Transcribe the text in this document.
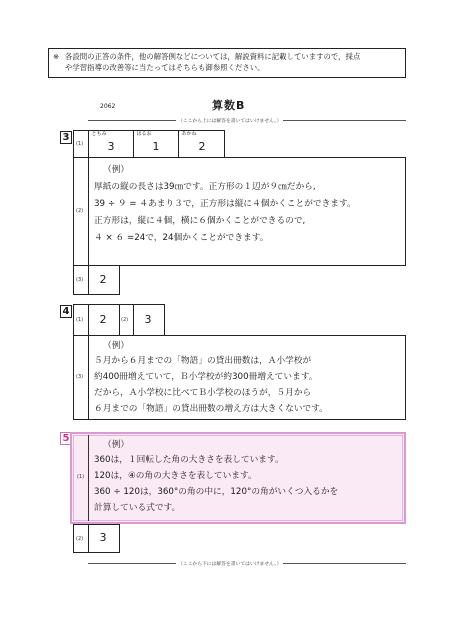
※ 各設問の正答の条件，他の解答例などについては，解説資料に記載していますので，採点
や学習指導の改善等に当たってはそちらも御参照ください。
2062	算数B
（ここから上には解答を書いてはいけません。）
3
(1)
ともみ	はるお	あかね
3	1	2
(2)
（例）
厚紙の縦の長さは39㎝です。正方形の１辺が９㎝だから,
39 ÷ ９ = ４あまり３で，正方形は縦に４個かくことができます。
正方形は，縦に４個，横に６個かくことができるので,
４ × ６ =24で，24個かくことができます。
(3)	2
4
(1)	2	(2)	3
(3)
（例）
５月から６月までの「物語」の貸出冊数は，Ａ小学校が
約400冊増えていて，Ｂ小学校が約300冊増えています。
だから，Ａ小学校に比べてＢ小学校のほうが，５月から
６月までの「物語」の貸出冊数の増え方は大きくないです。
5
(1)
（例）
360は，１回転した角の大きさを表しています。
120は，④の角の大きさを表しています。
360 ÷ 120は，360°の角の中に，120°の角がいくつ入るかを
計算している式です。
(2)	3
（ここから下には解答を書いてはいけません。）
